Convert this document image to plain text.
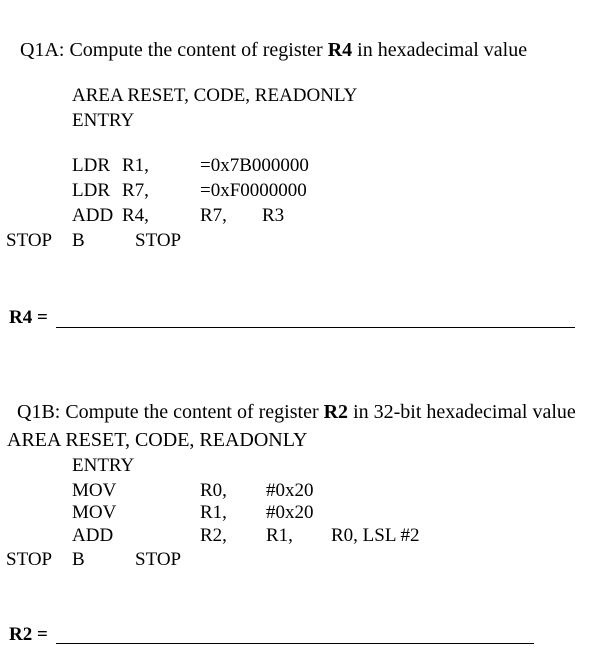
Q1A: Compute the content of register R4 in hexadecimal value

AREA RESET, CODE, READONLY
ENTRY
LDR R1,	=0x7B000000
LDR R7,	=0xF0000000
ADD R4,	R7, R3
STOP B	STOP
R4 =

Q1B: Compute the content of register R2 in 32-bit hexadecimal value

AREA RESET, CODE, READONLY
ENTRY
MOV	R0, #0x20
MOV	R1, #0x20
ADD	R2, R1, R0, LSL #2
STOP B	STOP
R2 =
